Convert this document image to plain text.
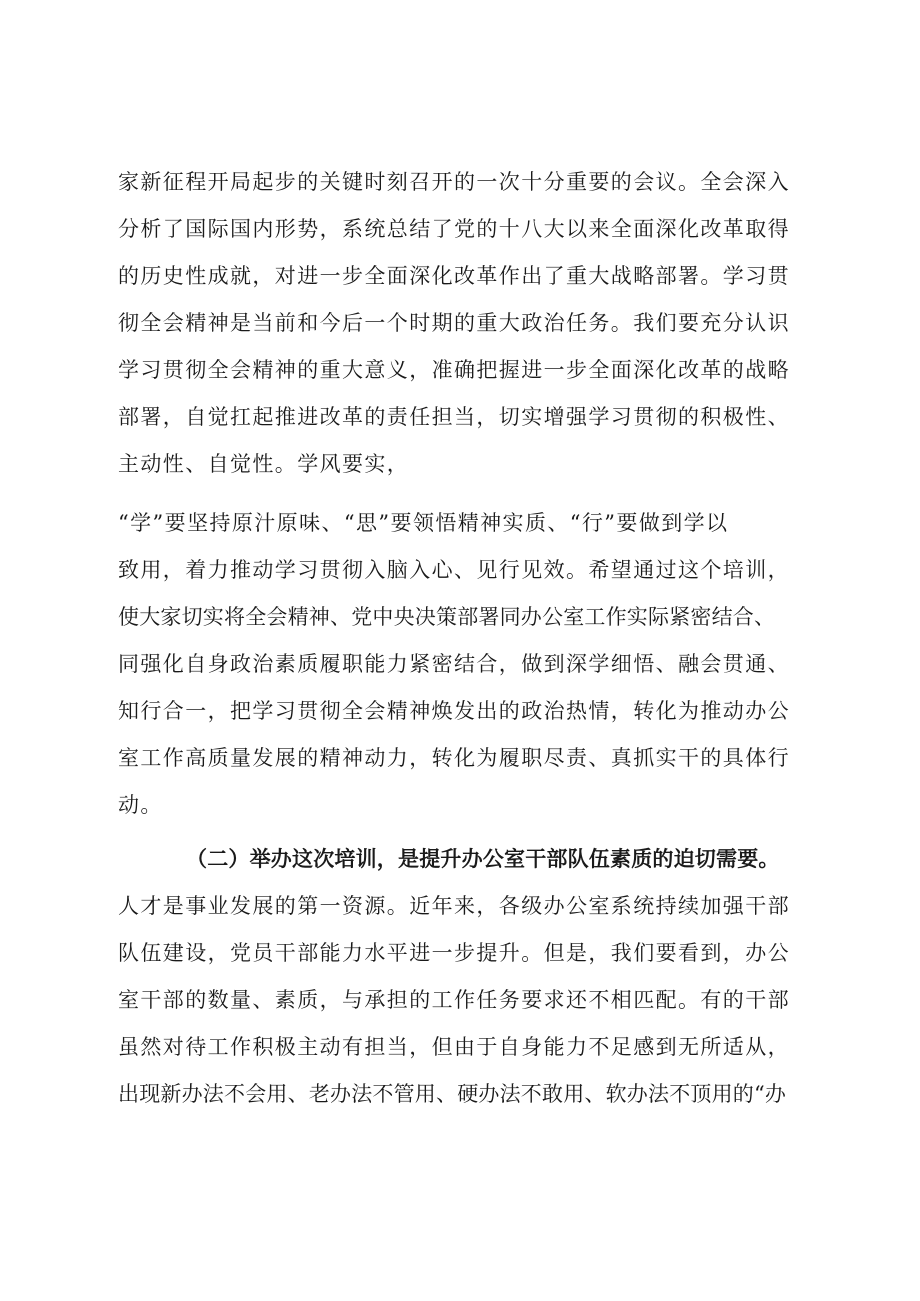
家新征程开局起步的关键时刻召开的一次十分重要的会议。全会深入
分析了国际国内形势，系统总结了党的十八大以来全面深化改革取得
的历史性成就，对进一步全面深化改革作出了重大战略部署。学习贯
彻全会精神是当前和今后一个时期的重大政治任务。我们要充分认识
学习贯彻全会精神的重大意义，准确把握进一步全面深化改革的战略
部署，自觉扛起推进改革的责任担当，切实增强学习贯彻的积极性、
主动性、自觉性。学风要实，
“学”要坚持原汁原味、“思”要领悟精神实质、“行”要做到学以
致用，着力推动学习贯彻入脑入心、见行见效。希望通过这个培训，
使大家切实将全会精神、党中央决策部署同办公室工作实际紧密结合、
同强化自身政治素质履职能力紧密结合，做到深学细悟、融会贯通、
知行合一，把学习贯彻全会精神焕发出的政治热情，转化为推动办公
室工作高质量发展的精神动力，转化为履职尽责、真抓实干的具体行
动。
（二）举办这次培训，是提升办公室干部队伍素质的迫切需要。
人才是事业发展的第一资源。近年来，各级办公室系统持续加强干部
队伍建设，党员干部能力水平进一步提升。但是，我们要看到，办公
室干部的数量、素质，与承担的工作任务要求还不相匹配。有的干部
虽然对待工作积极主动有担当，但由于自身能力不足感到无所适从，
出现新办法不会用、老办法不管用、硬办法不敢用、软办法不顶用的“办
